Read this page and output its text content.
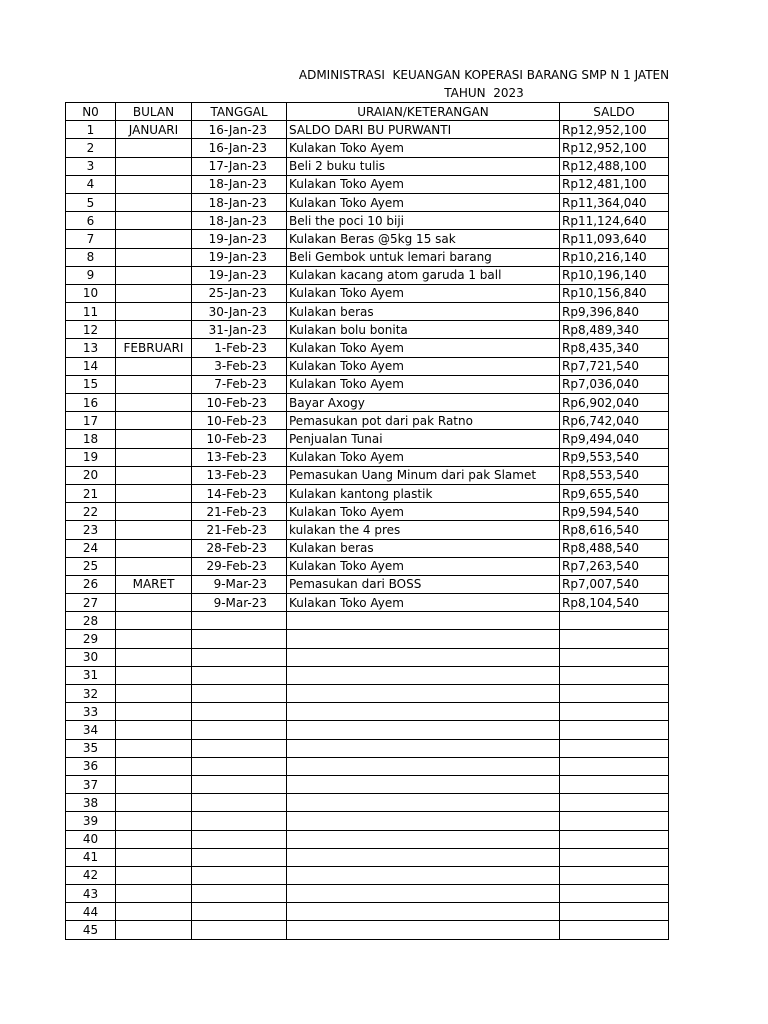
ADMINISTRASI  KEUANGAN KOPERASI BARANG SMP N 1 JATEN
TAHUN  2023
N0	BULAN	TANGGAL	URAIAN/KETERANGAN	SALDO
1	JANUARI	16-Jan-23	SALDO DARI BU PURWANTI	Rp12,952,100
2		16-Jan-23	Kulakan Toko Ayem	Rp12,952,100
3		17-Jan-23	Beli 2 buku tulis	Rp12,488,100
4		18-Jan-23	Kulakan Toko Ayem	Rp12,481,100
5		18-Jan-23	Kulakan Toko Ayem	Rp11,364,040
6		18-Jan-23	Beli the poci 10 biji	Rp11,124,640
7		19-Jan-23	Kulakan Beras @5kg 15 sak	Rp11,093,640
8		19-Jan-23	Beli Gembok untuk lemari barang	Rp10,216,140
9		19-Jan-23	Kulakan kacang atom garuda 1 ball	Rp10,196,140
10		25-Jan-23	Kulakan Toko Ayem	Rp10,156,840
11		30-Jan-23	Kulakan beras	Rp9,396,840
12		31-Jan-23	Kulakan bolu bonita	Rp8,489,340
13	FEBRUARI	1-Feb-23	Kulakan Toko Ayem	Rp8,435,340
14		3-Feb-23	Kulakan Toko Ayem	Rp7,721,540
15		7-Feb-23	Kulakan Toko Ayem	Rp7,036,040
16		10-Feb-23	Bayar Axogy	Rp6,902,040
17		10-Feb-23	Pemasukan pot dari pak Ratno	Rp6,742,040
18		10-Feb-23	Penjualan Tunai	Rp9,494,040
19		13-Feb-23	Kulakan Toko Ayem	Rp9,553,540
20		13-Feb-23	Pemasukan Uang Minum dari pak Slamet	Rp8,553,540
21		14-Feb-23	Kulakan kantong plastik	Rp9,655,540
22		21-Feb-23	Kulakan Toko Ayem	Rp9,594,540
23		21-Feb-23	kulakan the 4 pres	Rp8,616,540
24		28-Feb-23	Kulakan beras	Rp8,488,540
25		29-Feb-23	Kulakan Toko Ayem	Rp7,263,540
26	MARET	9-Mar-23	Pemasukan dari BOSS	Rp7,007,540
27		9-Mar-23	Kulakan Toko Ayem	Rp8,104,540
28				
29				
30				
31				
32				
33				
34				
35				
36				
37				
38				
39				
40				
41				
42				
43				
44				
45				
